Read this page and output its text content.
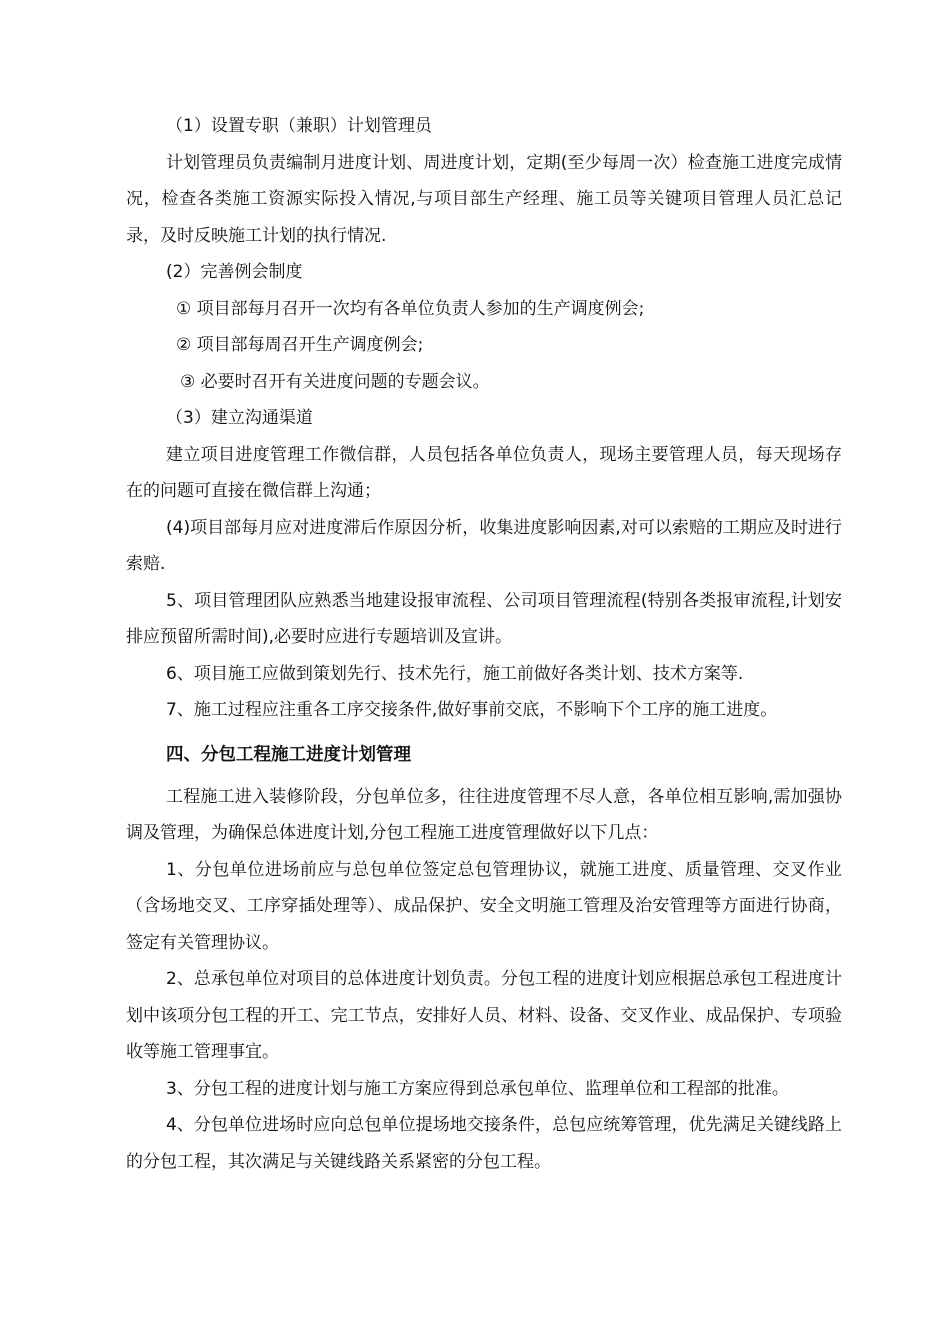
（1）设置专职（兼职）计划管理员

计划管理员负责编制月进度计划、周进度计划，定期(至少每周一次）检查施工进度完成情况，检查各类施工资源实际投入情况,与项目部生产经理、施工员等关键项目管理人员汇总记录，及时反映施工计划的执行情况.

(2）完善例会制度

① 项目部每月召开一次均有各单位负责人参加的生产调度例会;

② 项目部每周召开生产调度例会;

③ 必要时召开有关进度问题的专题会议。

（3）建立沟通渠道

建立项目进度管理工作微信群，人员包括各单位负责人，现场主要管理人员，每天现场存在的问题可直接在微信群上沟通；

(4)项目部每月应对进度滞后作原因分析，收集进度影响因素,对可以索赔的工期应及时进行索赔.

5、项目管理团队应熟悉当地建设报审流程、公司项目管理流程(特别各类报审流程,计划安排应预留所需时间),必要时应进行专题培训及宣讲。

6、项目施工应做到策划先行、技术先行，施工前做好各类计划、技术方案等.

7、施工过程应注重各工序交接条件,做好事前交底，不影响下个工序的施工进度。

四、分包工程施工进度计划管理

工程施工进入装修阶段，分包单位多，往往进度管理不尽人意，各单位相互影响,需加强协调及管理，为确保总体进度计划,分包工程施工进度管理做好以下几点：

1、分包单位进场前应与总包单位签定总包管理协议，就施工进度、质量管理、交叉作业（含场地交叉、工序穿插处理等）、成品保护、安全文明施工管理及治安管理等方面进行协商，签定有关管理协议。

2、总承包单位对项目的总体进度计划负责。分包工程的进度计划应根据总承包工程进度计划中该项分包工程的开工、完工节点，安排好人员、材料、设备、交叉作业、成品保护、专项验收等施工管理事宜。

3、分包工程的进度计划与施工方案应得到总承包单位、监理单位和工程部的批准。

4、分包单位进场时应向总包单位提场地交接条件，总包应统筹管理，优先满足关键线路上的分包工程，其次满足与关键线路关系紧密的分包工程。
